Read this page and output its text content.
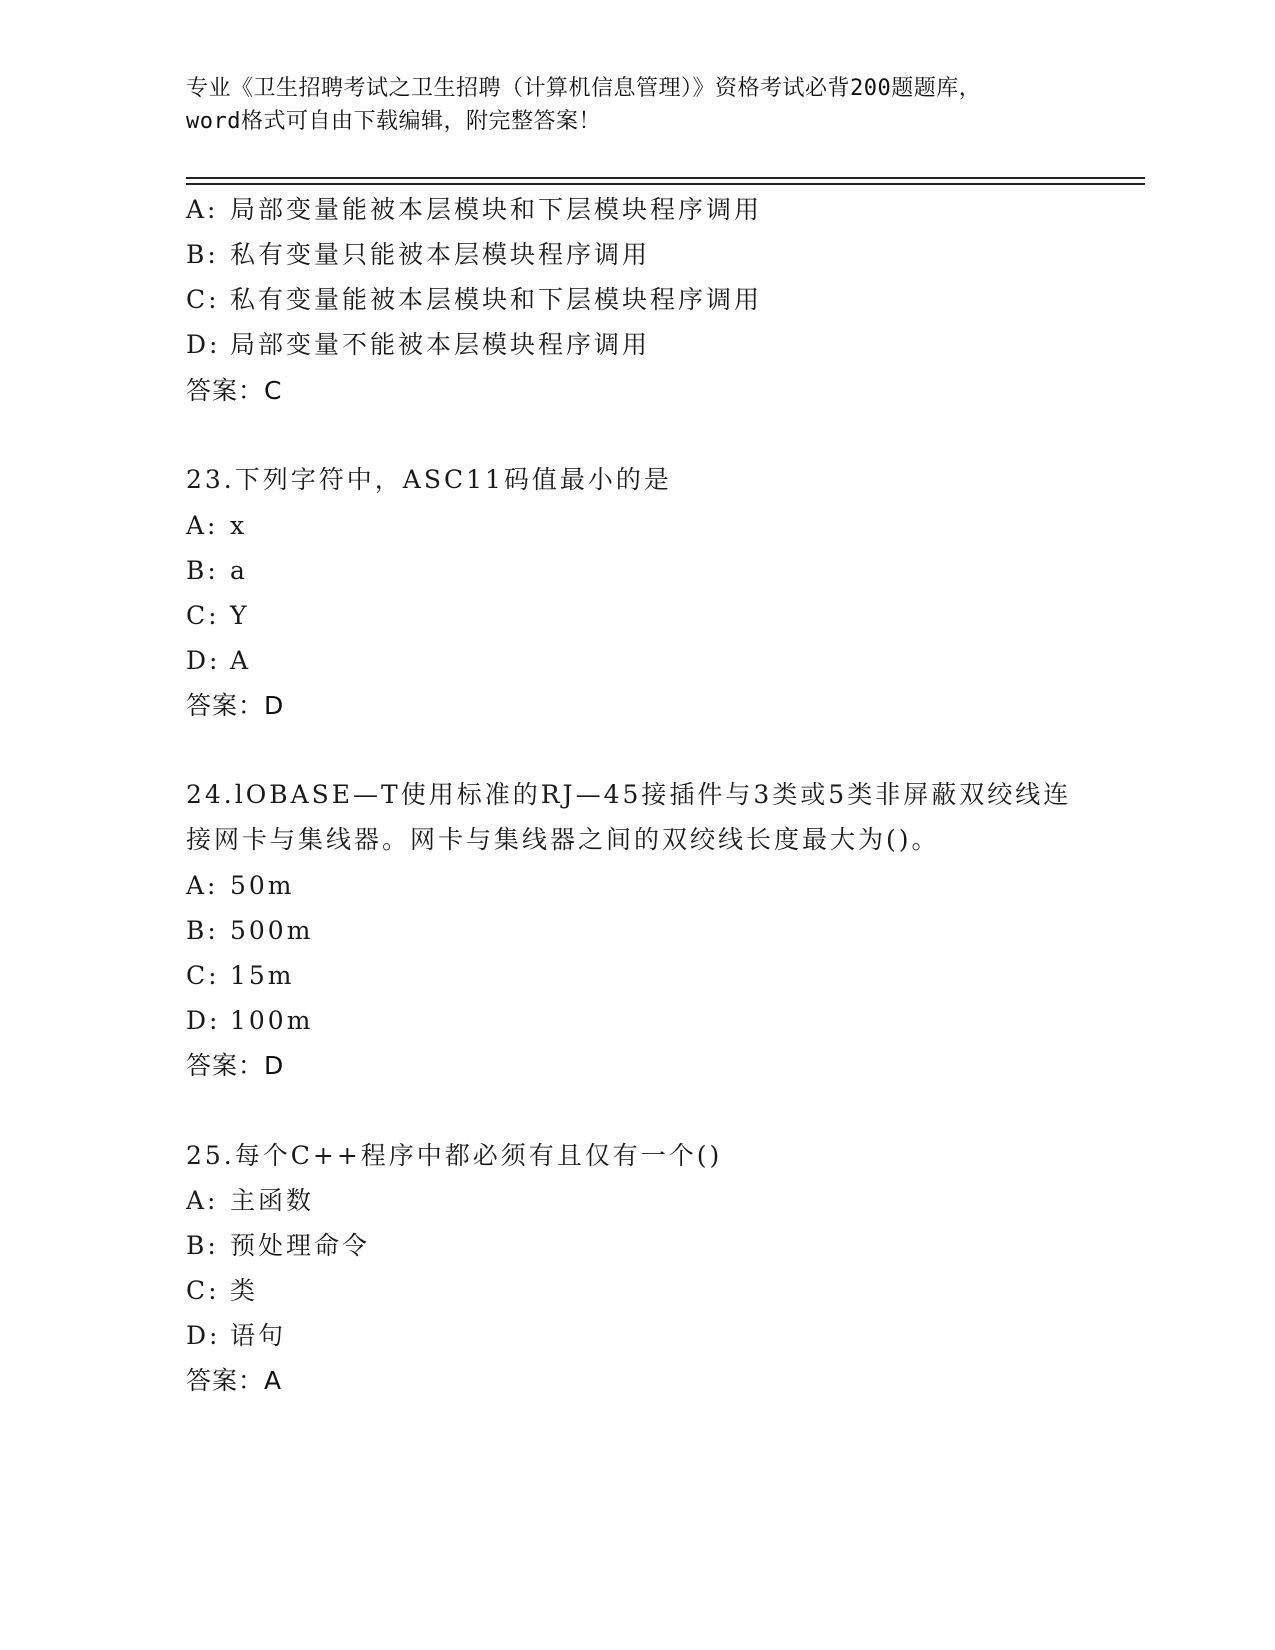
专业《卫生招聘考试之卫生招聘（计算机信息管理）》资格考试必背200题题库，
word格式可自由下载编辑，附完整答案！
A: 局部变量能被本层模块和下层模块程序调用
B: 私有变量只能被本层模块程序调用
C: 私有变量能被本层模块和下层模块程序调用
D: 局部变量不能被本层模块程序调用
答案：C
23.下列字符中，ASC11码值最小的是
A: x
B: a
C: Y
D: A
答案：D
24.lOBASE—T使用标准的RJ—45接插件与3类或5类非屏蔽双绞线连
接网卡与集线器。网卡与集线器之间的双绞线长度最大为()。
A: 50m
B: 500m
C: 15m
D: 100m
答案：D
25.每个C++程序中都必须有且仅有一个()
A: 主函数
B: 预处理命令
C: 类
D: 语句
答案：A
